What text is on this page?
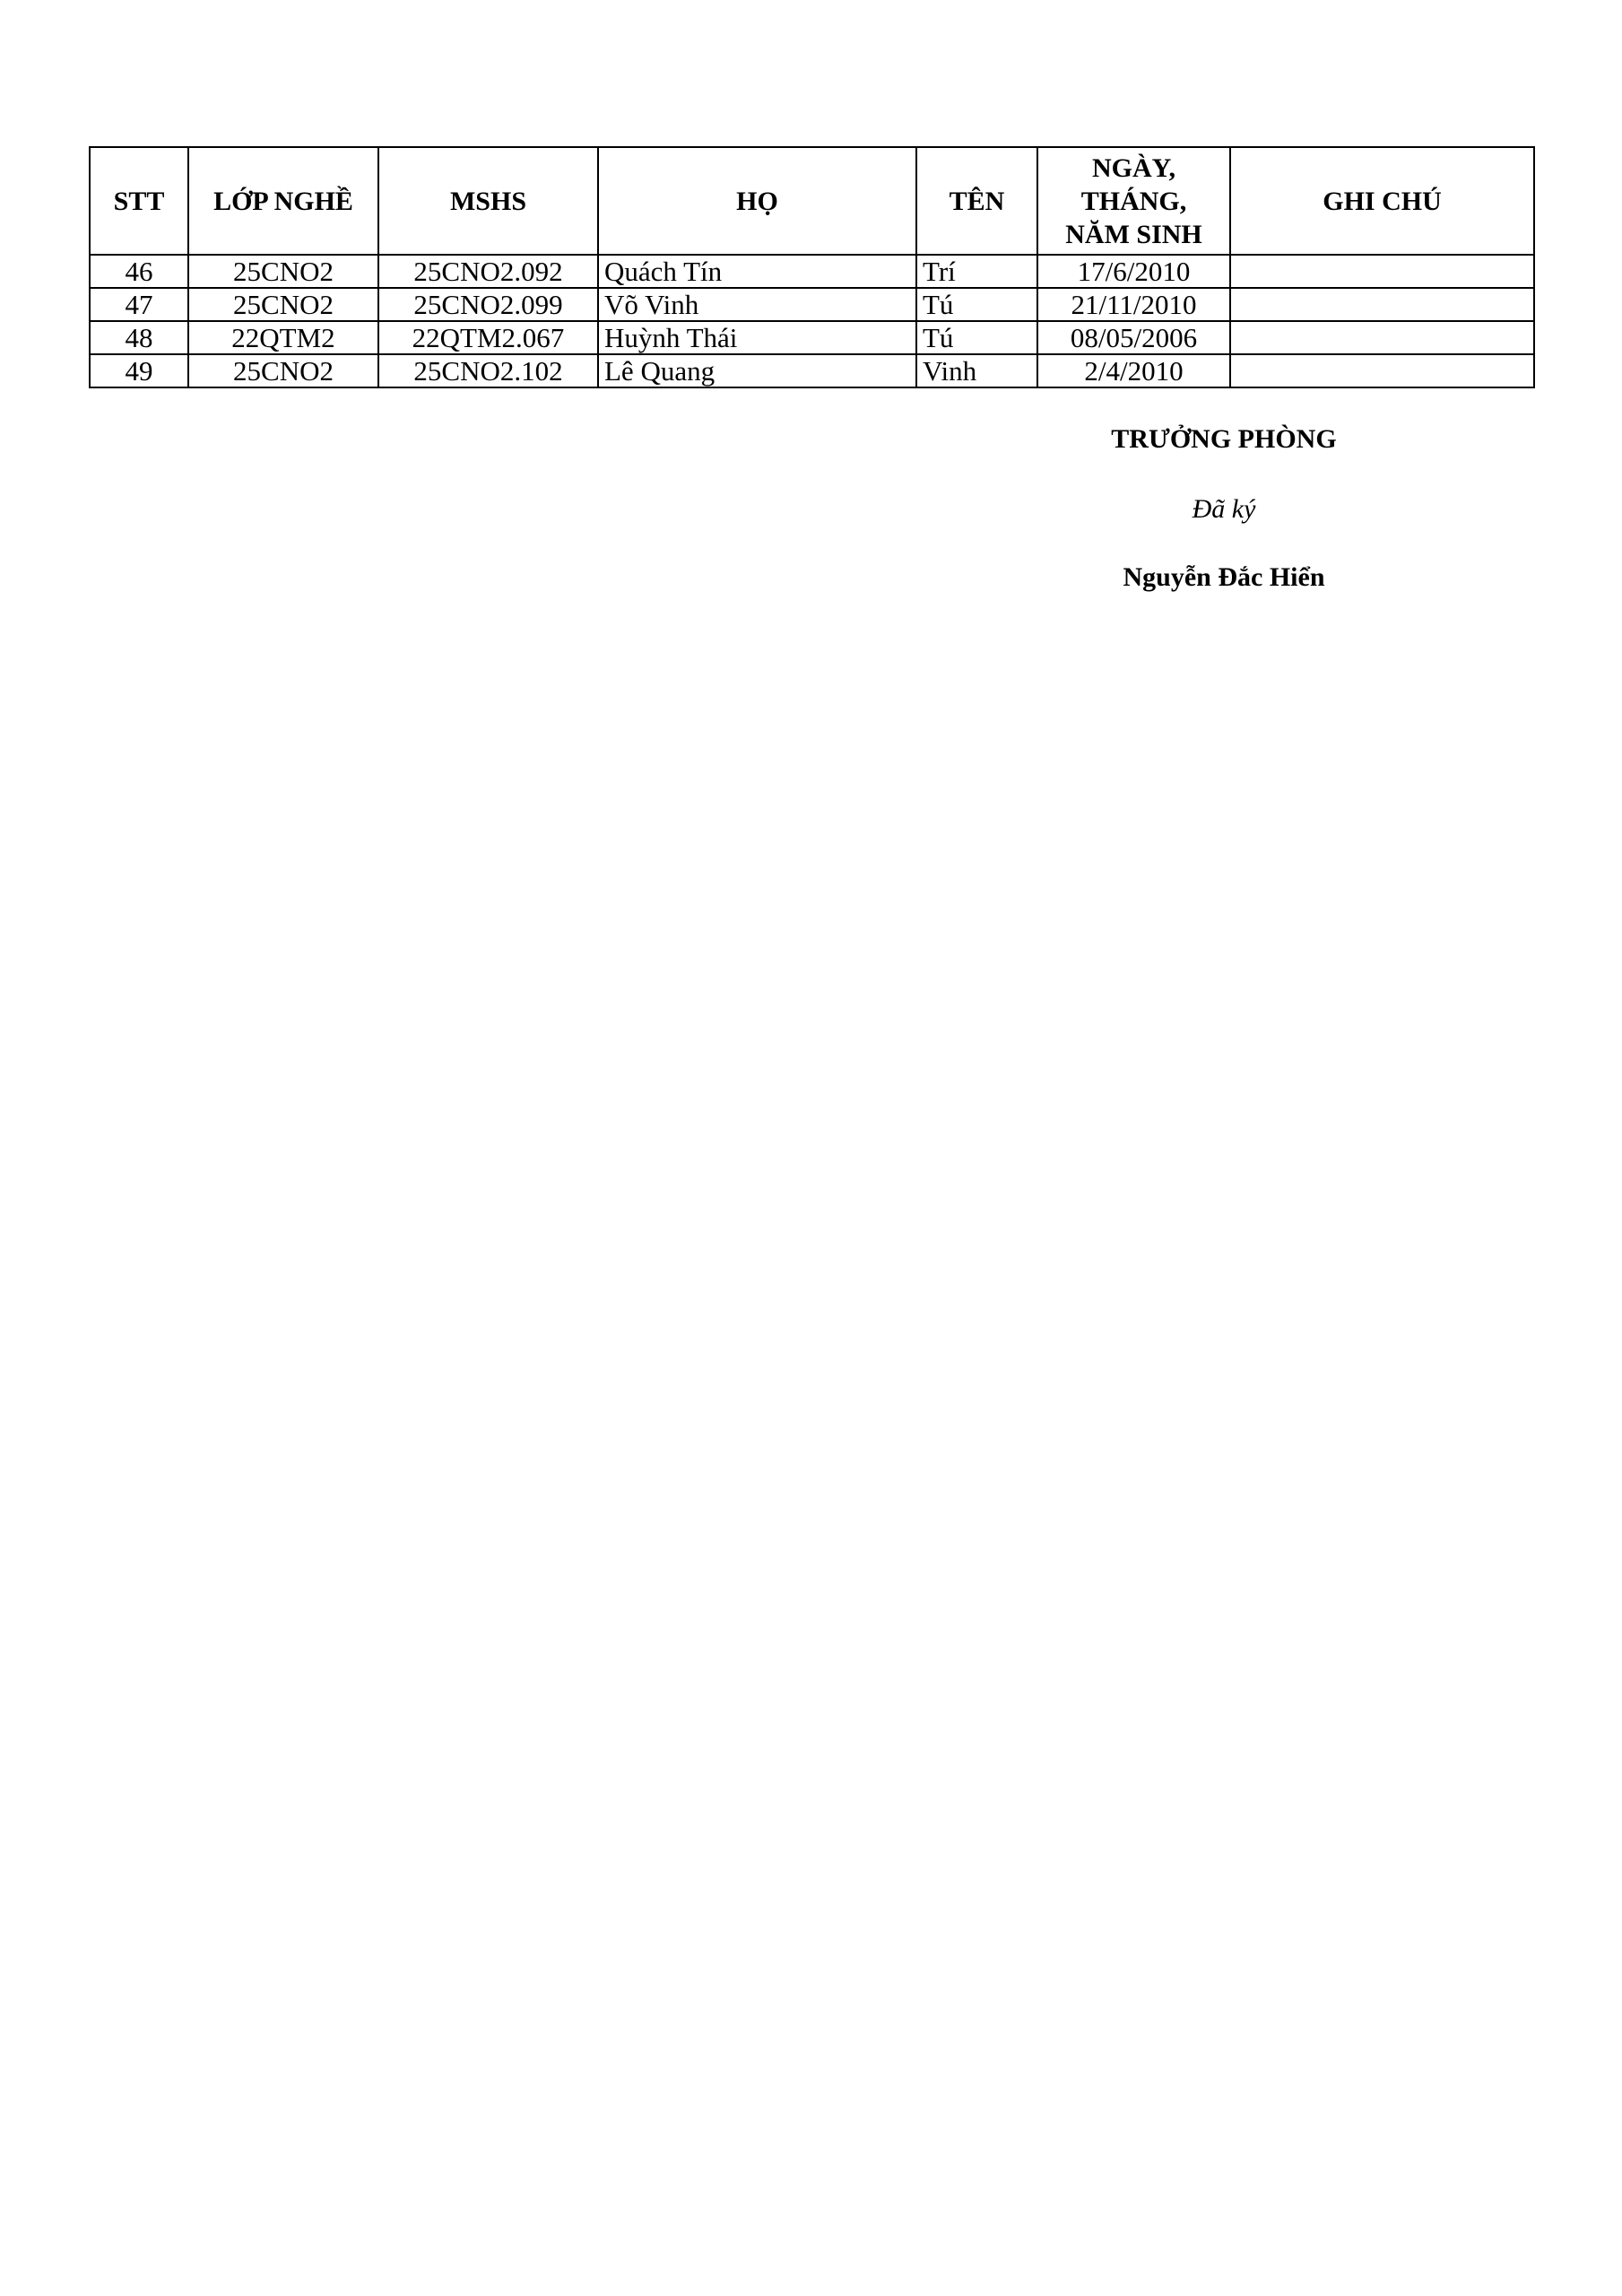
STT	LỚP NGHỀ	MSHS	HỌ	TÊN	NGÀY,
THÁNG,
NĂM SINH	GHI CHÚ
46	25CNO2	25CNO2.092	Quách Tín	Trí	17/6/2010	
47	25CNO2	25CNO2.099	Võ Vinh	Tú	21/11/2010	
48	22QTM2	22QTM2.067	Huỳnh Thái	Tú	08/05/2006	
49	25CNO2	25CNO2.102	Lê Quang	Vinh	2/4/2010	
TRƯỞNG PHÒNG
Đã ký
Nguyễn Đắc Hiển
